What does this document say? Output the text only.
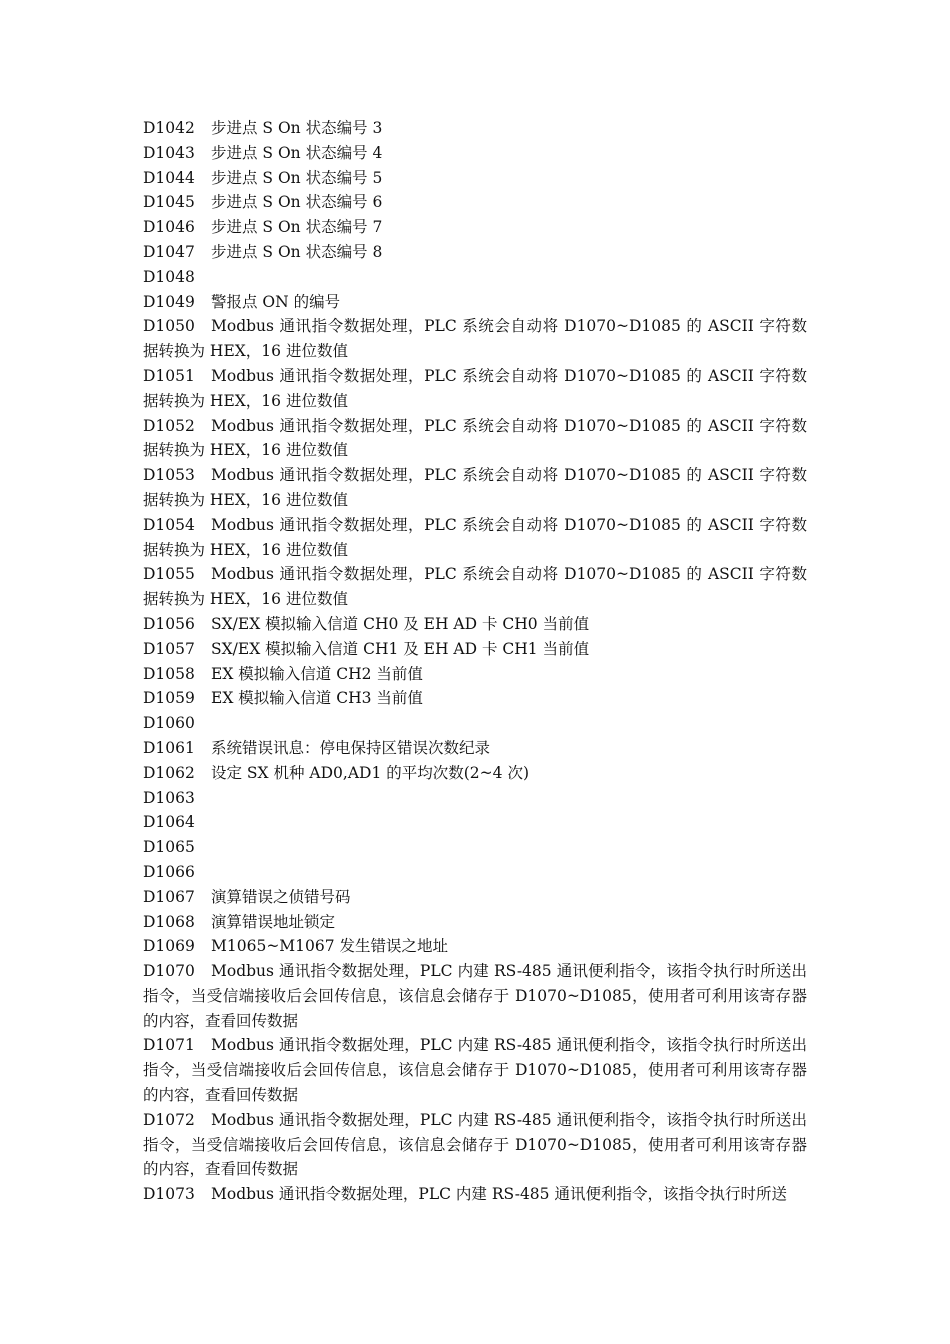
D1042 步进点 S On 状态编号 3

D1043 步进点 S On 状态编号 4

D1044 步进点 S On 状态编号 5

D1045 步进点 S On 状态编号 6

D1046 步进点 S On 状态编号 7

D1047 步进点 S On 状态编号 8

D1048

D1049 警报点 ON 的编号

D1050 Modbus 通讯指令数据处理，PLC 系统会自动将 D1070~D1085 的 ASCII 字符数据转换为 HEX，16 进位数值

D1051 Modbus 通讯指令数据处理，PLC 系统会自动将 D1070~D1085 的 ASCII 字符数据转换为 HEX，16 进位数值

D1052 Modbus 通讯指令数据处理，PLC 系统会自动将 D1070~D1085 的 ASCII 字符数据转换为 HEX，16 进位数值

D1053 Modbus 通讯指令数据处理，PLC 系统会自动将 D1070~D1085 的 ASCII 字符数据转换为 HEX，16 进位数值

D1054 Modbus 通讯指令数据处理，PLC 系统会自动将 D1070~D1085 的 ASCII 字符数据转换为 HEX，16 进位数值

D1055 Modbus 通讯指令数据处理，PLC 系统会自动将 D1070~D1085 的 ASCII 字符数据转换为 HEX，16 进位数值

D1056 SX/EX 模拟输入信道 CH0 及 EH AD 卡 CH0 当前值

D1057 SX/EX 模拟输入信道 CH1 及 EH AD 卡 CH1 当前值

D1058 EX 模拟输入信道 CH2 当前值

D1059 EX 模拟输入信道 CH3 当前值

D1060

D1061 系统错误讯息：停电保持区错误次数纪录

D1062 设定 SX 机种 AD0,AD1 的平均次数(2~4 次)

D1063

D1064

D1065

D1066

D1067 演算错误之侦错号码

D1068 演算错误地址锁定

D1069 M1065~M1067 发生错误之地址

D1070 Modbus 通讯指令数据处理，PLC 内建 RS-485 通讯便利指令，该指令执行时所送出指令，当受信端接收后会回传信息，该信息会储存于 D1070~D1085，使用者可利用该寄存器的内容，查看回传数据

D1071 Modbus 通讯指令数据处理，PLC 内建 RS-485 通讯便利指令，该指令执行时所送出指令，当受信端接收后会回传信息，该信息会储存于 D1070~D1085，使用者可利用该寄存器的内容，查看回传数据

D1072 Modbus 通讯指令数据处理，PLC 内建 RS-485 通讯便利指令，该指令执行时所送出指令，当受信端接收后会回传信息，该信息会储存于 D1070~D1085，使用者可利用该寄存器的内容，查看回传数据

D1073 Modbus 通讯指令数据处理，PLC 内建 RS-485 通讯便利指令，该指令执行时所送
